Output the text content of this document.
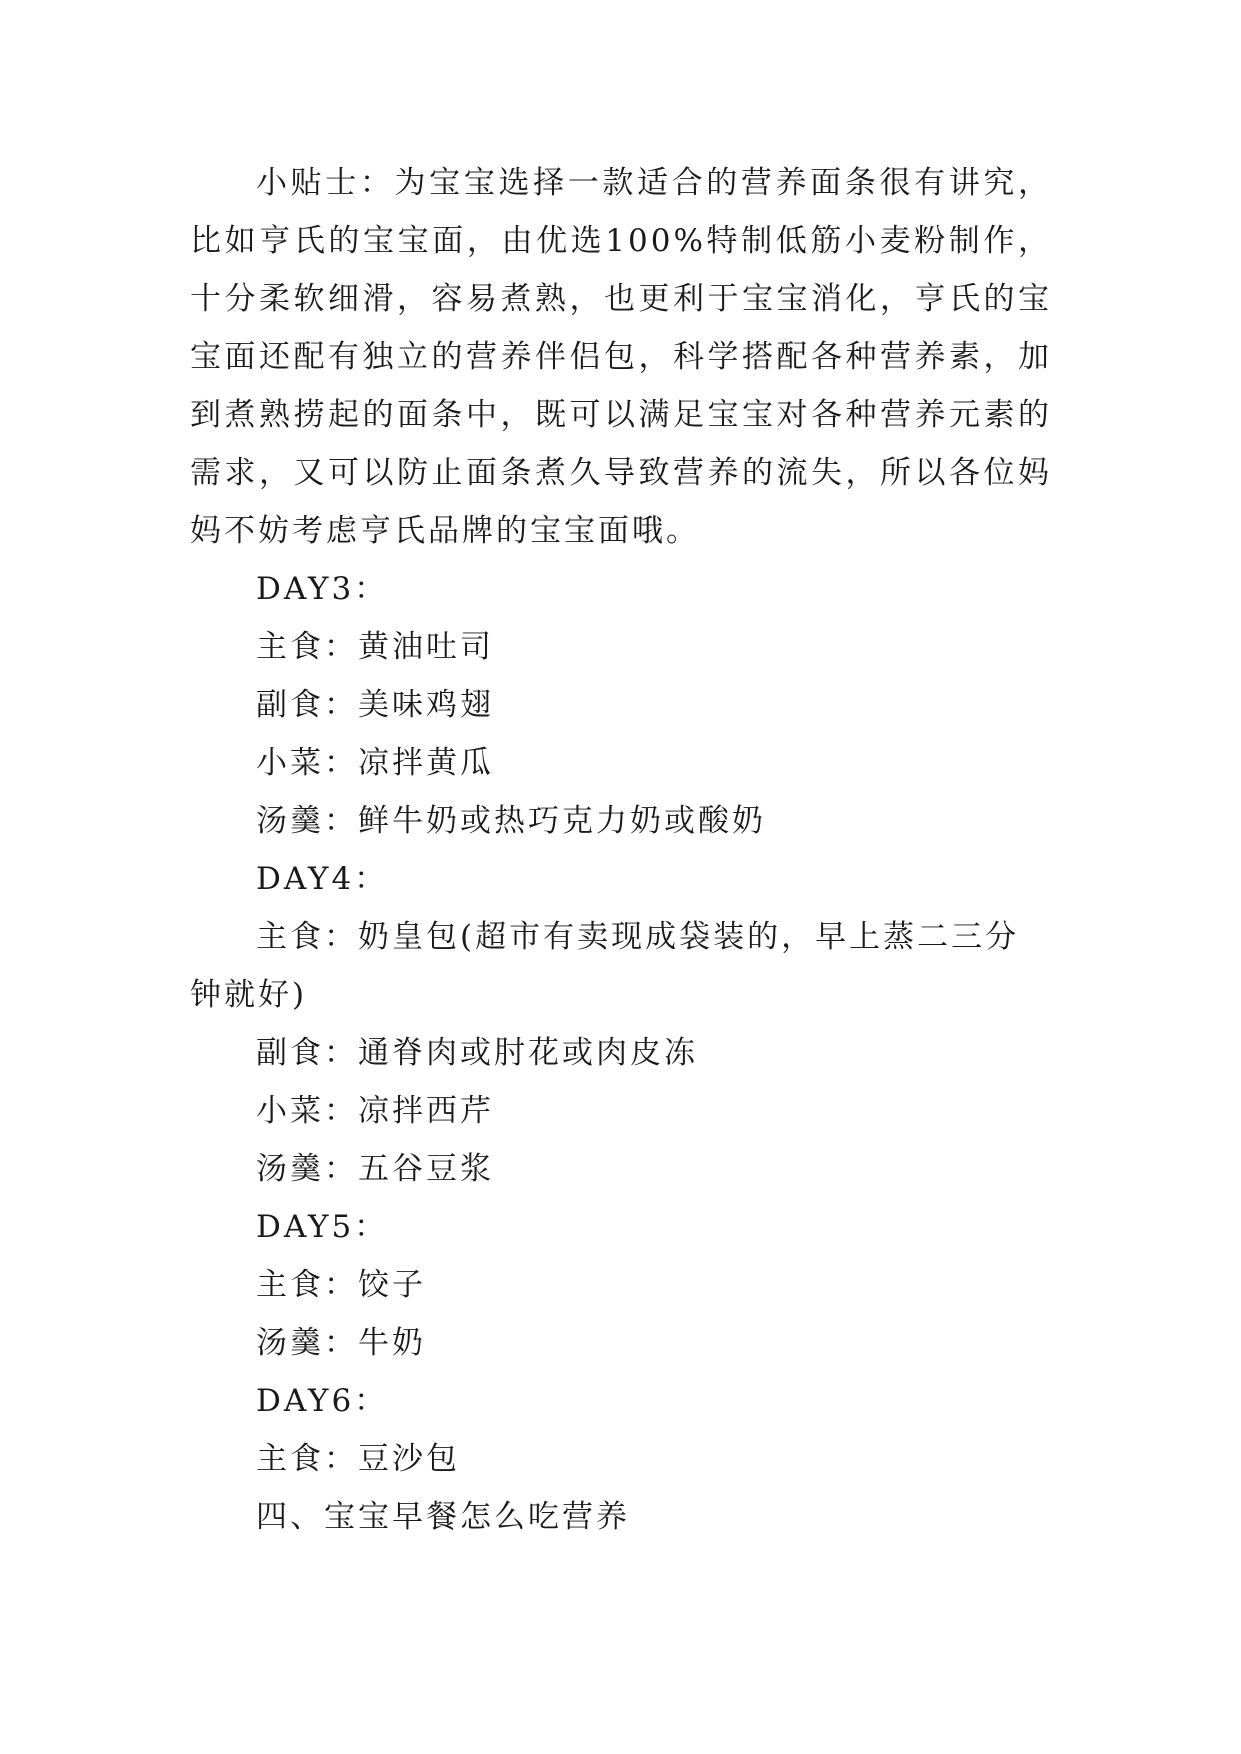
小贴士：为宝宝选择一款适合的营养面条很有讲究，比如亨氏的宝宝面，由优选100%特制低筋小麦粉制作，十分柔软细滑，容易煮熟，也更利于宝宝消化，亨氏的宝宝面还配有独立的营养伴侣包，科学搭配各种营养素，加到煮熟捞起的面条中，既可以满足宝宝对各种营养元素的需求，又可以防止面条煮久导致营养的流失，所以各位妈妈不妨考虑亨氏品牌的宝宝面哦。

DAY3：

主食：黄油吐司

副食：美味鸡翅

小菜：凉拌黄瓜

汤羹：鲜牛奶或热巧克力奶或酸奶

DAY4：

主食：奶皇包(超市有卖现成袋装的，早上蒸二三分钟就好)

副食：通脊肉或肘花或肉皮冻

小菜：凉拌西芹

汤羹：五谷豆浆

DAY5：

主食：饺子

汤羹：牛奶

DAY6：

主食：豆沙包

四、宝宝早餐怎么吃营养
